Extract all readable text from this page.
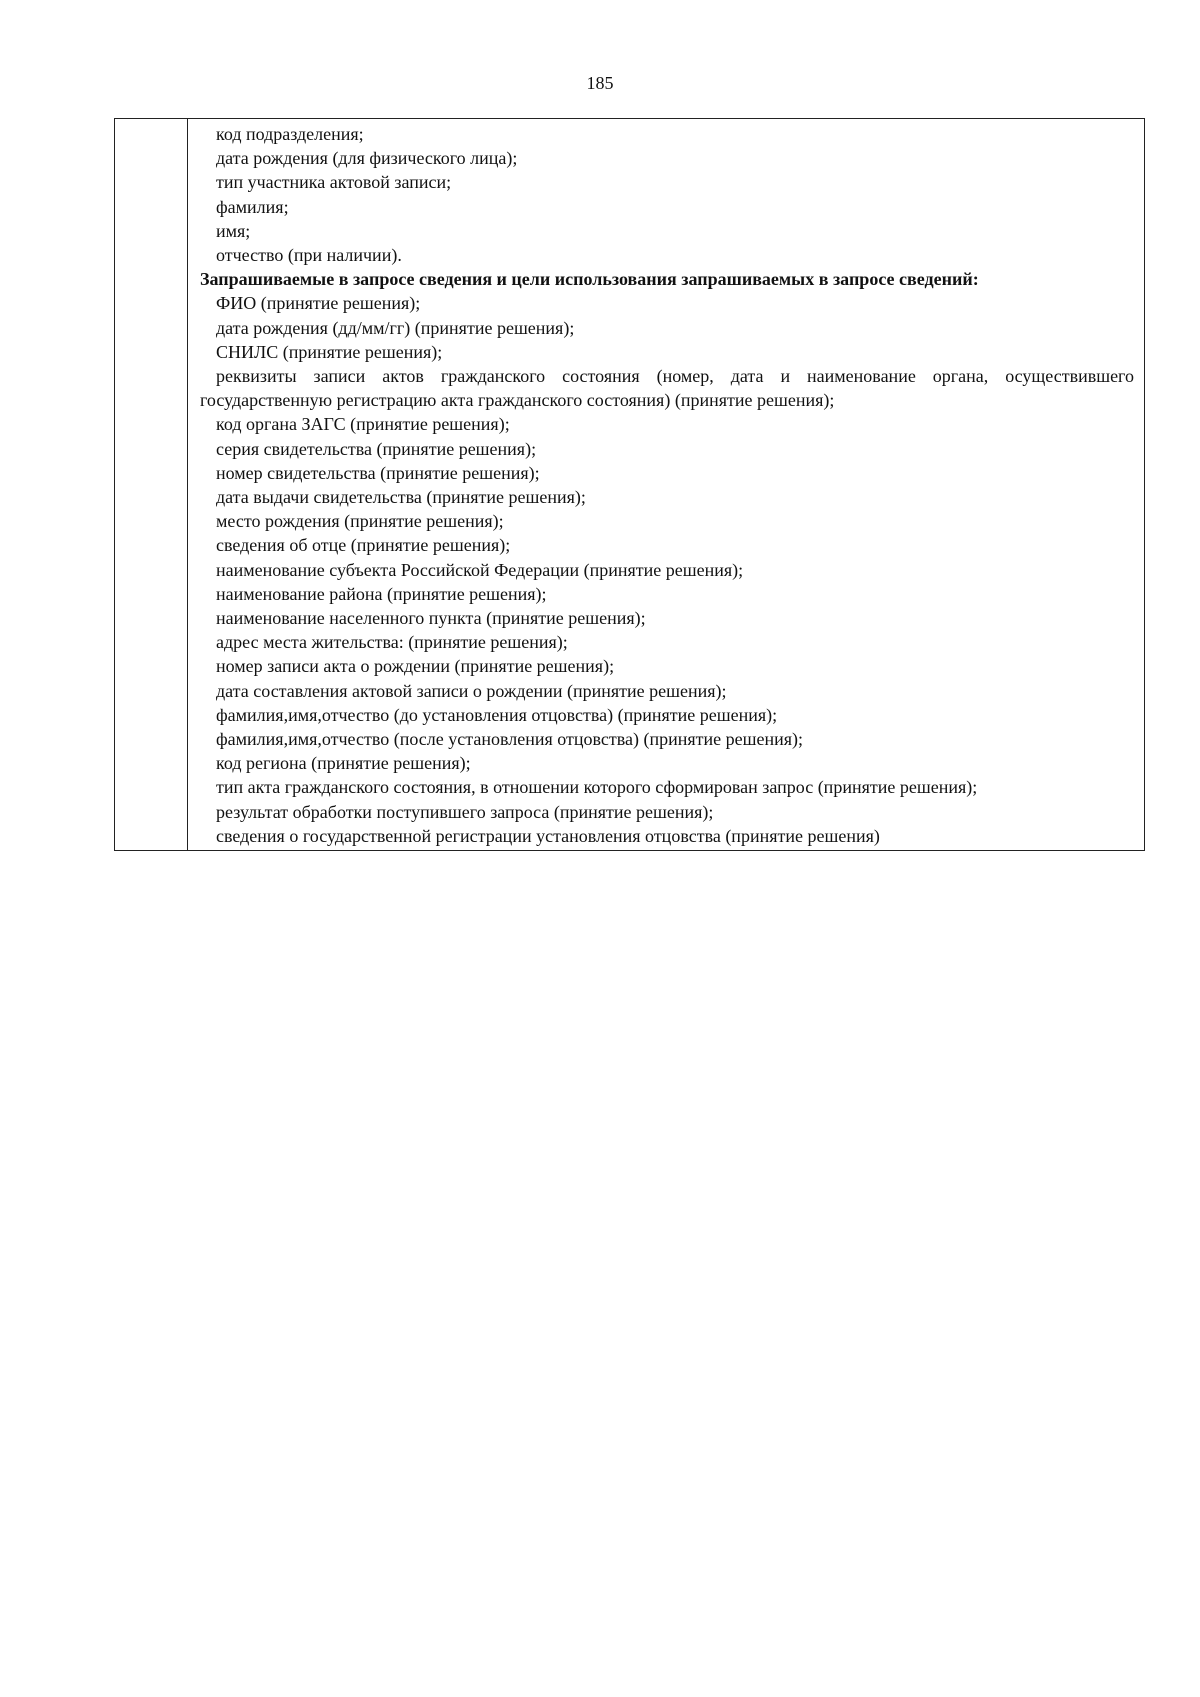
185
код подразделения;
дата рождения (для физического лица);
тип участника актовой записи;
фамилия;
имя;
отчество (при наличии).
Запрашиваемые в запросе сведения и цели использования запрашиваемых в запросе сведений:
ФИО (принятие решения);
дата рождения (дд/мм/гг) (принятие решения);
СНИЛС (принятие решения);
реквизиты записи актов гражданского состояния (номер, дата и наименование органа, осуществившего государственную регистрацию акта гражданского состояния) (принятие решения);
код органа ЗАГС (принятие решения);
серия свидетельства (принятие решения);
номер свидетельства (принятие решения);
дата выдачи свидетельства (принятие решения);
место рождения (принятие решения);
сведения об отце (принятие решения);
наименование субъекта Российской Федерации (принятие решения);
наименование района (принятие решения);
наименование населенного пункта (принятие решения);
адрес места жительства: (принятие решения);
номер записи акта о рождении (принятие решения);
дата составления актовой записи о рождении (принятие решения);
фамилия,имя,отчество (до установления отцовства) (принятие решения);
фамилия,имя,отчество (после установления отцовства) (принятие решения);
код региона (принятие решения);
тип акта гражданского состояния, в отношении которого сформирован запрос (принятие решения);
результат обработки поступившего запроса (принятие решения);
сведения о государственной регистрации установления отцовства (принятие решения)
